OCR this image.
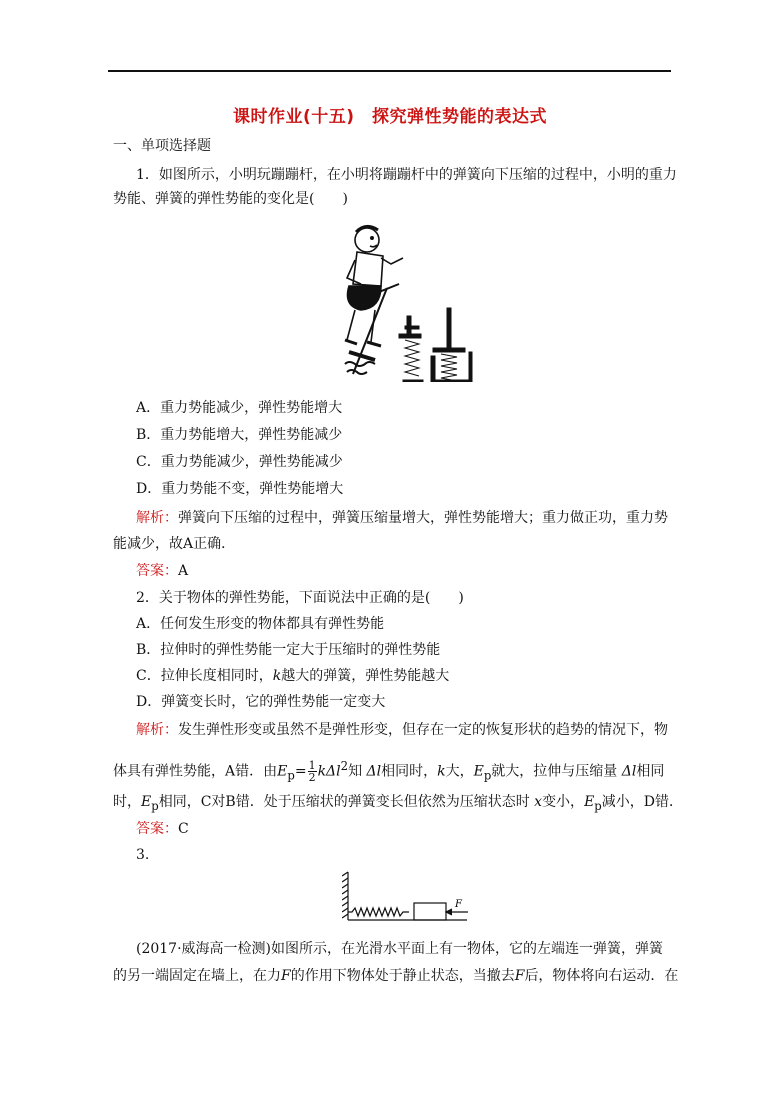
课时作业(十五)　探究弹性势能的表达式
一、单项选择题
1．如图所示，小明玩蹦蹦杆，在小明将蹦蹦杆中的弹簧向下压缩的过程中，小明的重力
势能、弹簧的弹性势能的变化是(　　)
A．重力势能减少，弹性势能增大
B．重力势能增大，弹性势能减少
C．重力势能减少，弹性势能减少
D．重力势能不变，弹性势能增大
解析：弹簧向下压缩的过程中，弹簧压缩量增大，弹性势能增大；重力做正功，重力势
能减少，故A正确．
答案：A
2．关于物体的弹性势能，下面说法中正确的是(　　)
A．任何发生形变的物体都具有弹性势能
B．拉伸时的弹性势能一定大于压缩时的弹性势能
C．拉伸长度相同时，k越大的弹簧，弹性势能越大
D．弹簧变长时，它的弹性势能一定变大
解析：发生弹性形变或虽然不是弹性形变，但存在一定的恢复形状的趋势的情况下，物
体具有弹性势能，A错．由$E_p= \frac{1}{2} k\Delta l^2$知 Δl相同时，k大，$E_p$就大，拉伸与压缩量 Δl相同
时，$E_p$相同，C对B错．处于压缩状的弹簧变长但依然为压缩状态时 x变小，$E_p$减小，D错．
答案：C
3.
F
(2017·威海高一检测)如图所示，在光滑水平面上有一物体，它的左端连一弹簧，弹簧
的另一端固定在墙上，在力F的作用下物体处于静止状态，当撤去F后，物体将向右运动．在
